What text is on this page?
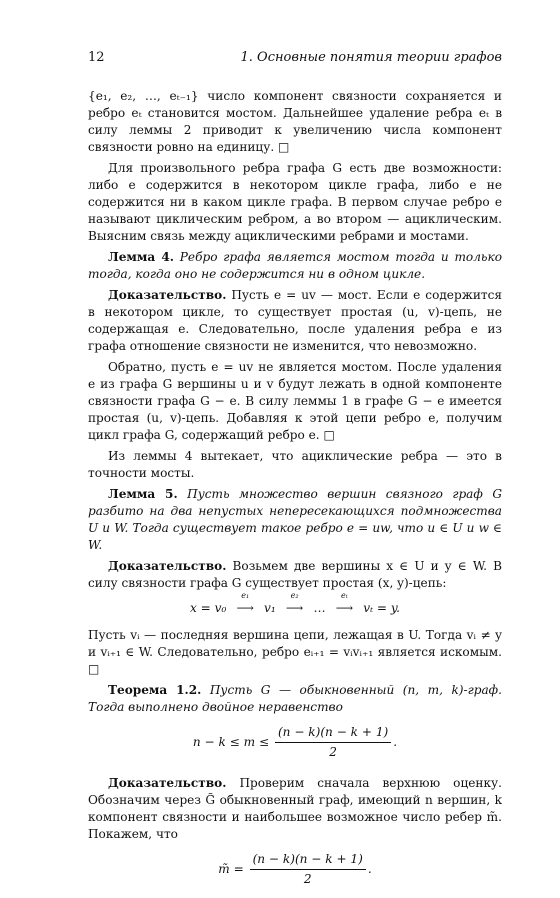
12	1. Основные понятия теории графов

{e₁, e₂, …, eₜ₋₁} число компонент связности сохраняется и ребро eₜ становится мостом. Дальнейшее удаление ребра eₜ в силу леммы 2 приводит к увеличению числа компонент связности ровно на единицу. □

Для произвольного ребра графа G есть две возможности: либо e содержится в некотором цикле графа, либо e не содержится ни в каком цикле графа. В первом случае ребро e называют циклическим ребром, а во втором — ациклическим. Выясним связь между ациклическими ребрами и мостами.

Лемма 4. Ребро графа является мостом тогда и только тогда, когда оно не содержится ни в одном цикле.

Доказательство. Пусть e = uv — мост. Если e содержится в некотором цикле, то существует простая (u, v)-цепь, не содержащая e. Следовательно, после удаления ребра e из графа отношение связности не изменится, что невозможно.

Обратно, пусть e = uv не является мостом. После удаления e из графа G вершины u и v будут лежать в одной компоненте связности графа G − e. В силу леммы 1 в графе G − e имеется простая (u, v)-цепь. Добавляя к этой цепи ребро e, получим цикл графа G, содержащий ребро e. □

Из леммы 4 вытекает, что ациклические ребра — это в точности мосты.

Лемма 5. Пусть множество вершин связного граф G разбито на два непустых непересекающихся подмножества U и W. Тогда существует такое ребро e = uw, что u ∈ U и w ∈ W.

Доказательство. Возьмем две вершины x ∈ U и y ∈ W. В силу связности графа G существует простая (x, y)-цепь:

x = v₀
e₁
⟶ v₁
e₂
⟶ …
eₜ
⟶ vₜ = y.

Пусть vᵢ — последняя вершина цепи, лежащая в U. Тогда vᵢ ≠ y и vᵢ₊₁ ∈ W. Следовательно, ребро eᵢ₊₁ = vᵢvᵢ₊₁ является искомым. □

Теорема 1.2. Пусть G — обыкновенный (n, m, k)-граф. Тогда выполнено двойное неравенство

$n - k \le m \le \frac{(n - k)(n - k + 1)}{2}$ .

Доказательство. Проверим сначала верхнюю оценку. Обозначим через G̃ обыкновенный граф, имеющий n вершин, k компонент связности и наибольшее возможное число ребер m̃. Покажем, что

m̃ = $\frac{(n - k)(n - k + 1)}{2}$ .
